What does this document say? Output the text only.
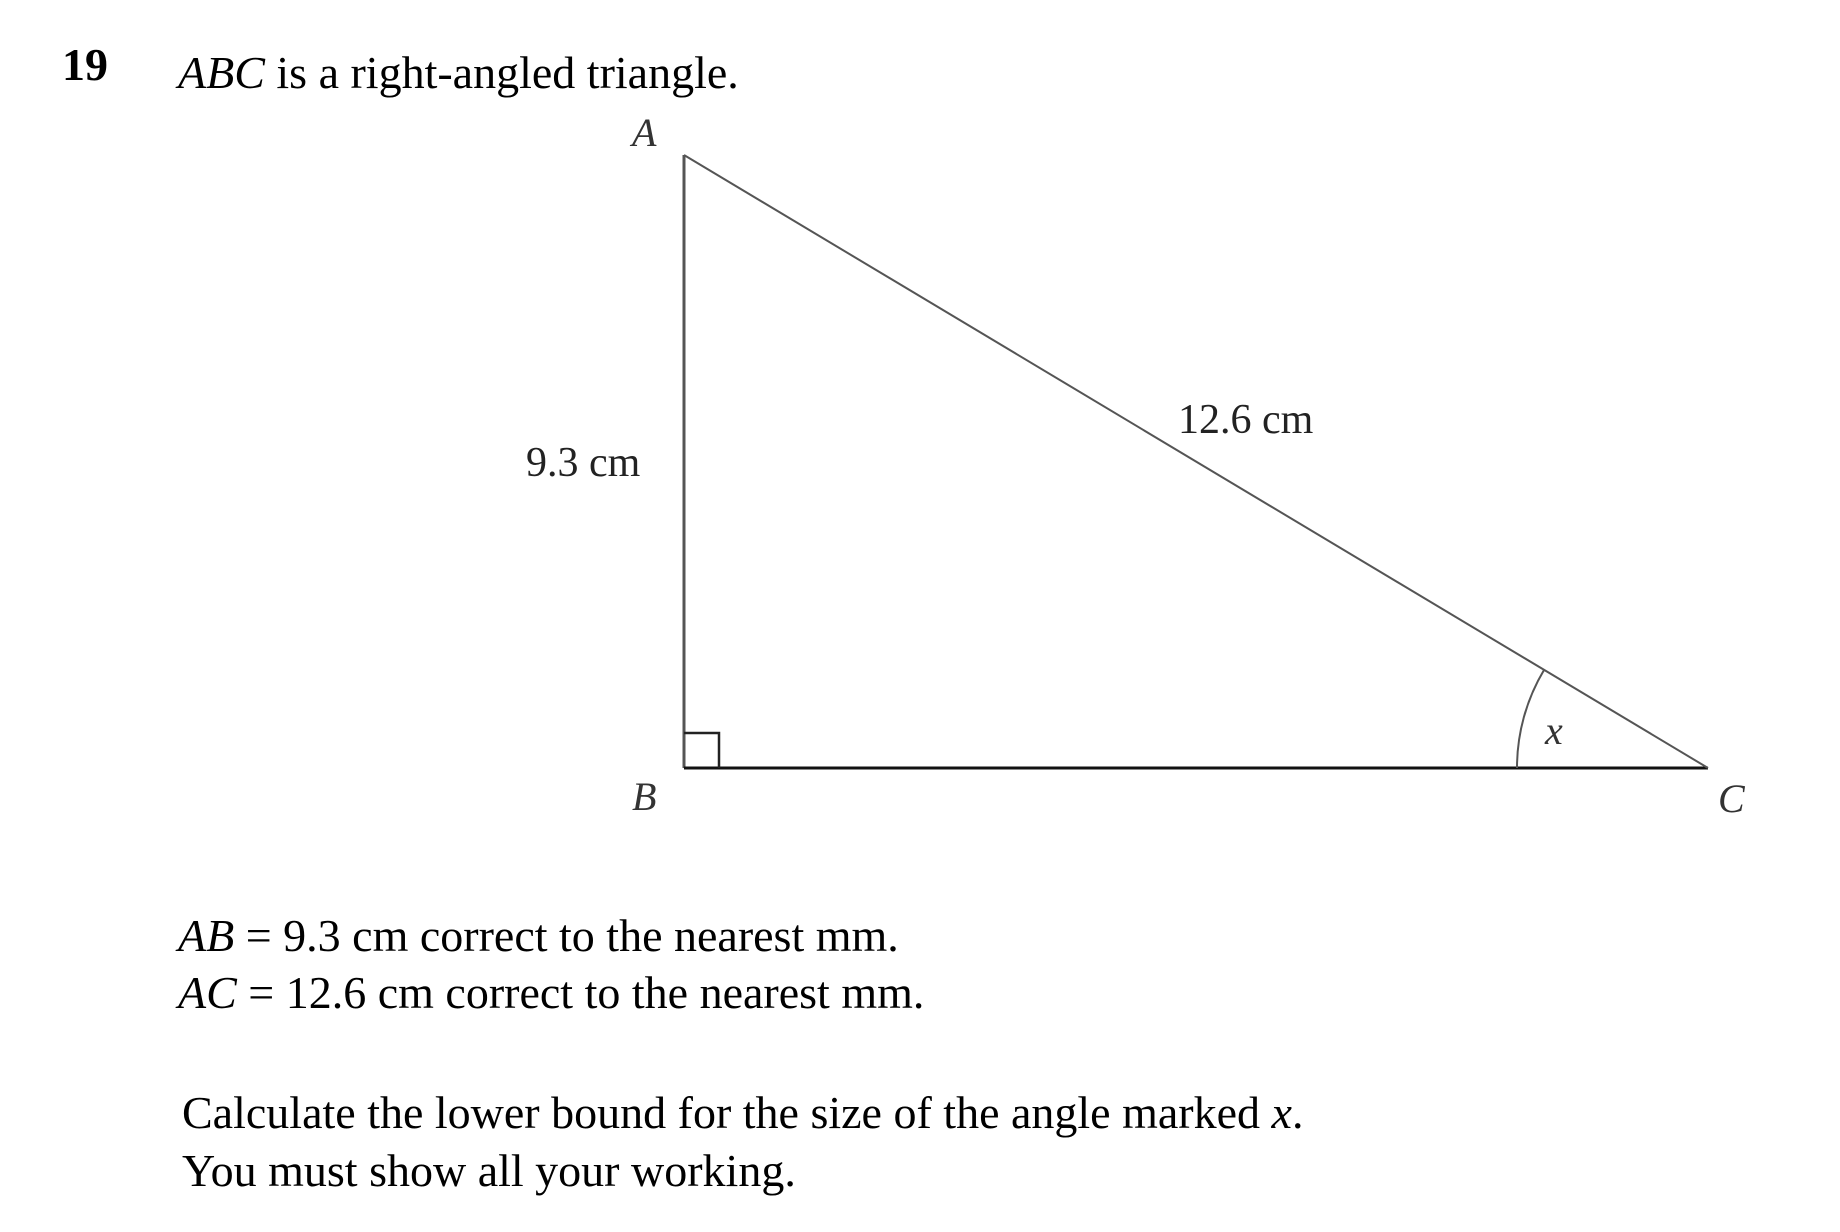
19 ABC is a right-angled triangle.
A
B	C
9.3 cm
12.6 cm
x
AB = 9.3 cm correct to the nearest mm.
AC = 12.6 cm correct to the nearest mm.
Calculate the lower bound for the size of the angle marked x.
You must show all your working.
